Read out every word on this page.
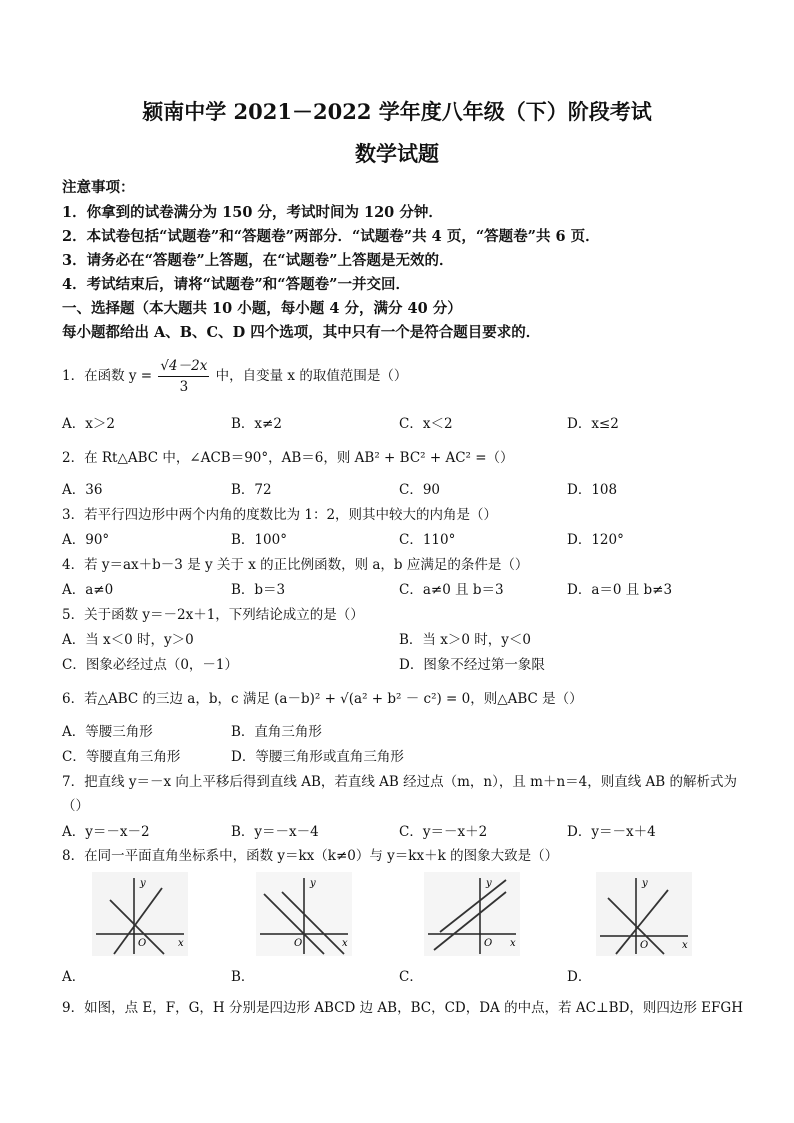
颍南中学 2021－2022 学年度八年级（下）阶段考试
数学试题
注意事项：
1．你拿到的试卷满分为 150 分，考试时间为 120 分钟．
2．本试卷包括“试题卷”和“答题卷”两部分．“试题卷”共 4 页，“答题卷”共 6 页．
3．请务必在“答题卷”上答题，在“试题卷”上答题是无效的．
4．考试结束后，请将“试题卷”和“答题卷”一并交回．
一、选择题（本大题共 10 小题，每小题 4 分，满分 40 分）
每小题都给出 A、B、C、D 四个选项，其中只有一个是符合题目要求的．
1．在函数 $y = \frac{√4-2x}{3}$ 中，自变量 x 的取值范围是（）
A．x＞2	B．x≠2	C．x＜2	D．x≤2
2．在 Rt△ABC 中，∠ACB＝90°，AB＝6，则 AB² + BC² + AC² =（）
A．36	B．72	C．90	D．108
3．若平行四边形中两个内角的度数比为 1：2，则其中较大的内角是（）
A．90°	B．100°	C．110°	D．120°
4．若 y＝ax＋b－3 是 y 关于 x 的正比例函数，则 a，b 应满足的条件是（）
A．a≠0	B．b＝3	C．a≠0 且 b＝3	D．a＝0 且 b≠3
5．关于函数 y＝－2x＋1，下列结论成立的是（）
A．当 x＜0 时，y＞0	B．当 x＞0 时，y＜0
C．图象必经过点（0，－1）	D．图象不经过第一象限
6．若△ABC 的三边 a，b，c 满足 (a－b)² + √(a² + b² － c²) = 0，则△ABC 是（）
A．等腰三角形	B．直角三角形
C．等腰直角三角形	D．等腰三角形或直角三角形
7．把直线 y＝－x 向上平移后得到直线 AB，若直线 AB 经过点（m，n），且 m＋n＝4，则直线 AB 的解析式为
（）
A．y＝－x－2	B．y＝－x－4	C．y＝－x＋2	D．y＝－x＋4
8．在同一平面直角坐标系中，函数 y＝kx（k≠0）与 y＝kx＋k 的图象大致是（）
y
x
O
y
x
O
y
x
O
y
x
O
A．	B．	C．	D．
9．如图，点 E，F，G，H 分别是四边形 ABCD 边 AB，BC，CD，DA 的中点，若 AC⊥BD，则四边形 EFGH
